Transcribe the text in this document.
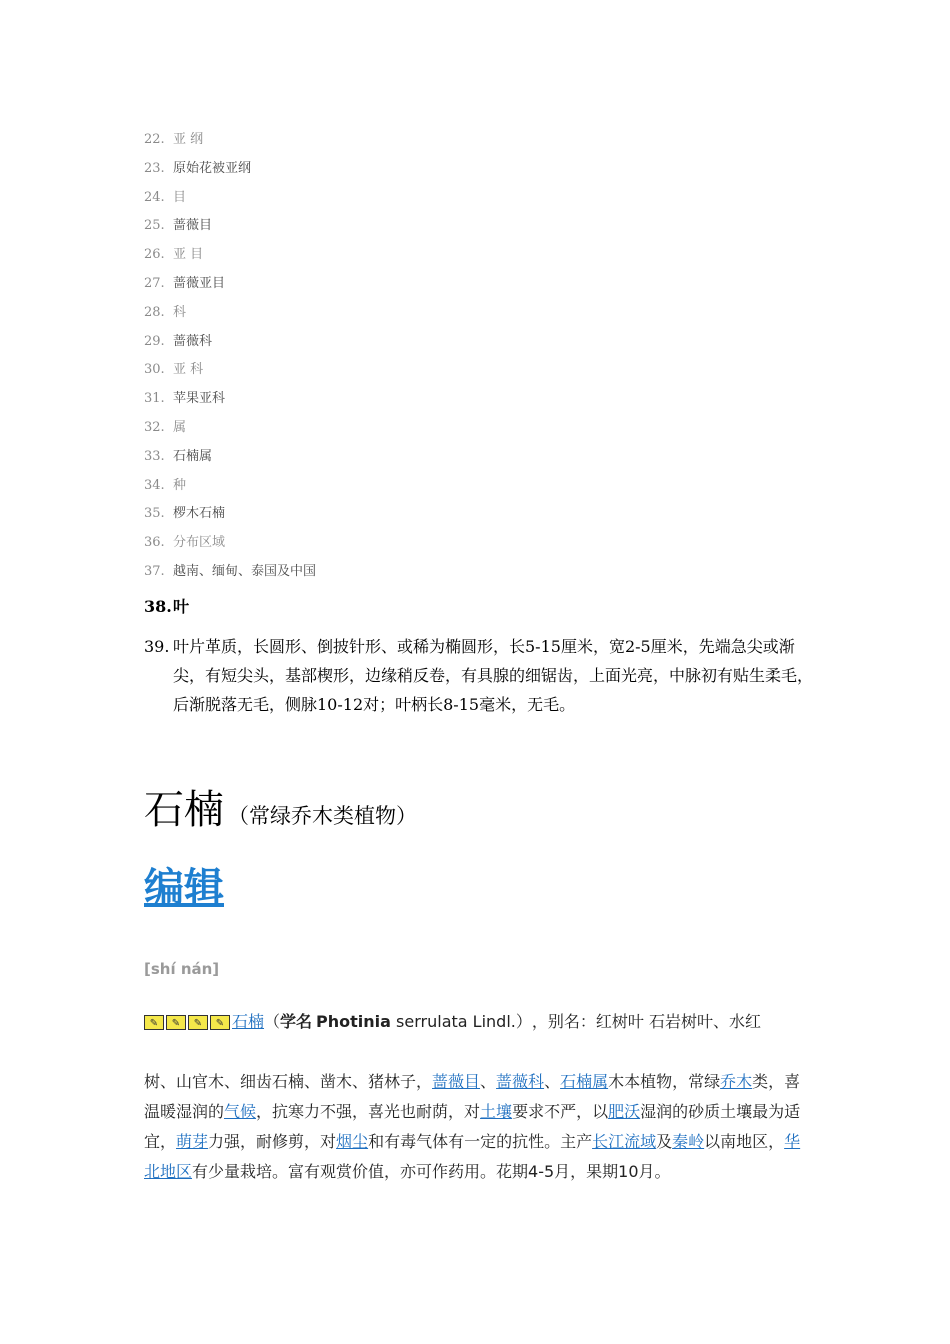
22. 亚 纲
23. 原始花被亚纲
24. 目
25. 蔷薇目
26. 亚 目
27. 蔷薇亚目
28. 科
29. 蔷薇科
30. 亚 科
31. 苹果亚科
32. 属
33. 石楠属
34. 种
35. 椤木石楠
36. 分布区域
37. 越南、缅甸、泰国及中国
38. 叶
39. 叶片革质，长圆形、倒披针形、或稀为椭圆形，长5-15厘米，宽2-5厘米，先端急尖或渐尖，有短尖头，基部楔形，边缘稍反卷，有具腺的细锯齿，上面光亮，中脉初有贴生柔毛，后渐脱落无毛，侧脉10-12对；叶柄长8-15毫米，无毛。
石楠 （常绿乔木类植物）
编辑
[shí nán]
✎	✎	✎	✎ 石楠 （ 学名 Photinia serrulata Lindl.） ，别名：红树叶 石岩树叶、水红
树、山官木、细齿石楠、凿木、猪林子，蔷薇目、蔷薇科、石楠属木本植物，常绿乔木类，喜温暖湿润的气候，抗寒力不强，喜光也耐荫，对土壤要求不严，以肥沃湿润的砂质土壤最为适宜，萌芽力强，耐修剪，对烟尘和有毒气体有一定的抗性。主产长江流域及秦岭以南地区，华北地区有少量栽培。富有观赏价值，亦可作药用。花期4-5月，果期10月。
